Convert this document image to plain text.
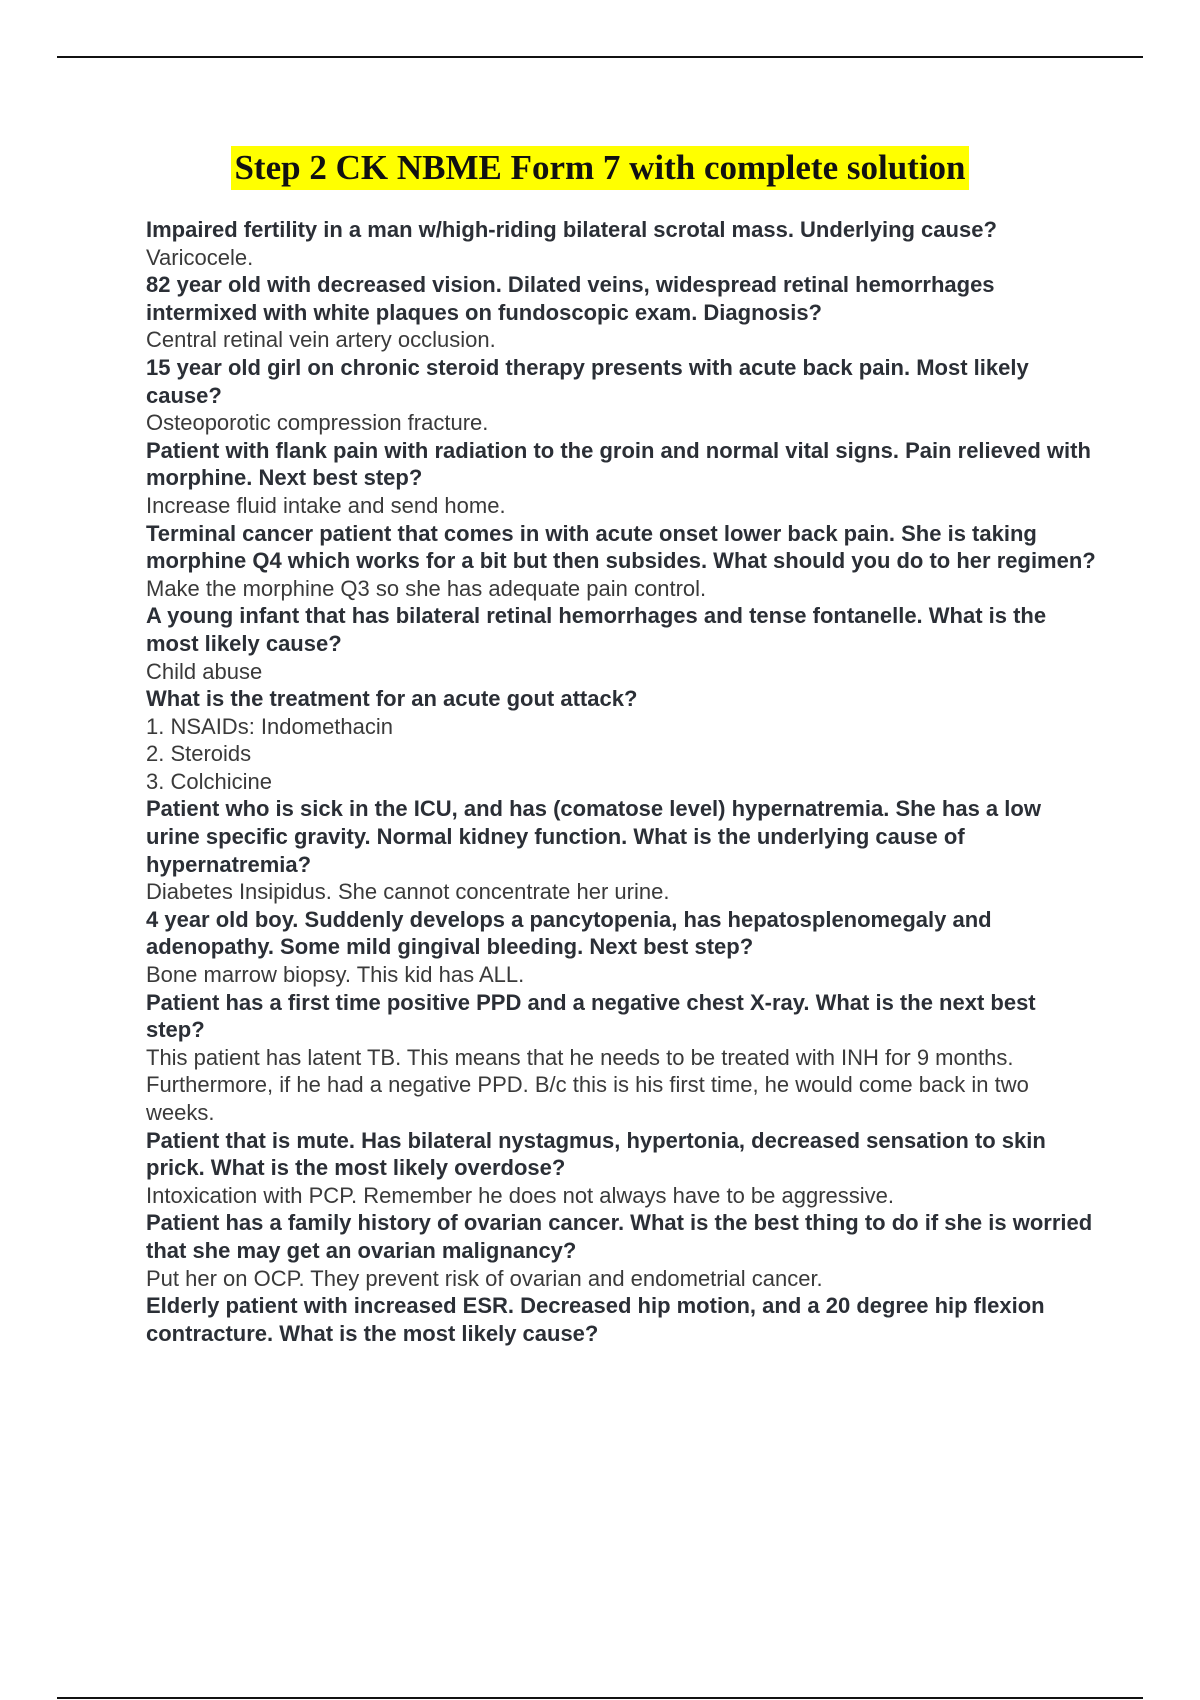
Step 2 CK NBME Form 7 with complete solution

Impaired fertility in a man w/high-riding bilateral scrotal mass. Underlying cause?

Varicocele.

82 year old with decreased vision. Dilated veins, widespread retinal hemorrhages intermixed with white plaques on fundoscopic exam. Diagnosis?

Central retinal vein artery occlusion.

15 year old girl on chronic steroid therapy presents with acute back pain. Most likely cause?

Osteoporotic compression fracture.

Patient with flank pain with radiation to the groin and normal vital signs. Pain relieved with morphine. Next best step?

Increase fluid intake and send home.

Terminal cancer patient that comes in with acute onset lower back pain. She is taking morphine Q4 which works for a bit but then subsides. What should you do to her regimen?

Make the morphine Q3 so she has adequate pain control.

A young infant that has bilateral retinal hemorrhages and tense fontanelle. What is the most likely cause?

Child abuse

What is the treatment for an acute gout attack?

1. NSAIDs: Indomethacin

2. Steroids

3. Colchicine

Patient who is sick in the ICU, and has (comatose level) hypernatremia. She has a low urine specific gravity. Normal kidney function. What is the underlying cause of hypernatremia?

Diabetes Insipidus. She cannot concentrate her urine.

4 year old boy. Suddenly develops a pancytopenia, has hepatosplenomegaly and adenopathy. Some mild gingival bleeding. Next best step?

Bone marrow biopsy. This kid has ALL.

Patient has a first time positive PPD and a negative chest X-ray. What is the next best step?

This patient has latent TB. This means that he needs to be treated with INH for 9 months.

Furthermore, if he had a negative PPD. B/c this is his first time, he would come back in two weeks.

Patient that is mute. Has bilateral nystagmus, hypertonia, decreased sensation to skin prick. What is the most likely overdose?

Intoxication with PCP. Remember he does not always have to be aggressive.

Patient has a family history of ovarian cancer. What is the best thing to do if she is worried that she may get an ovarian malignancy?

Put her on OCP. They prevent risk of ovarian and endometrial cancer.

Elderly patient with increased ESR. Decreased hip motion, and a 20 degree hip flexion contracture. What is the most likely cause?
